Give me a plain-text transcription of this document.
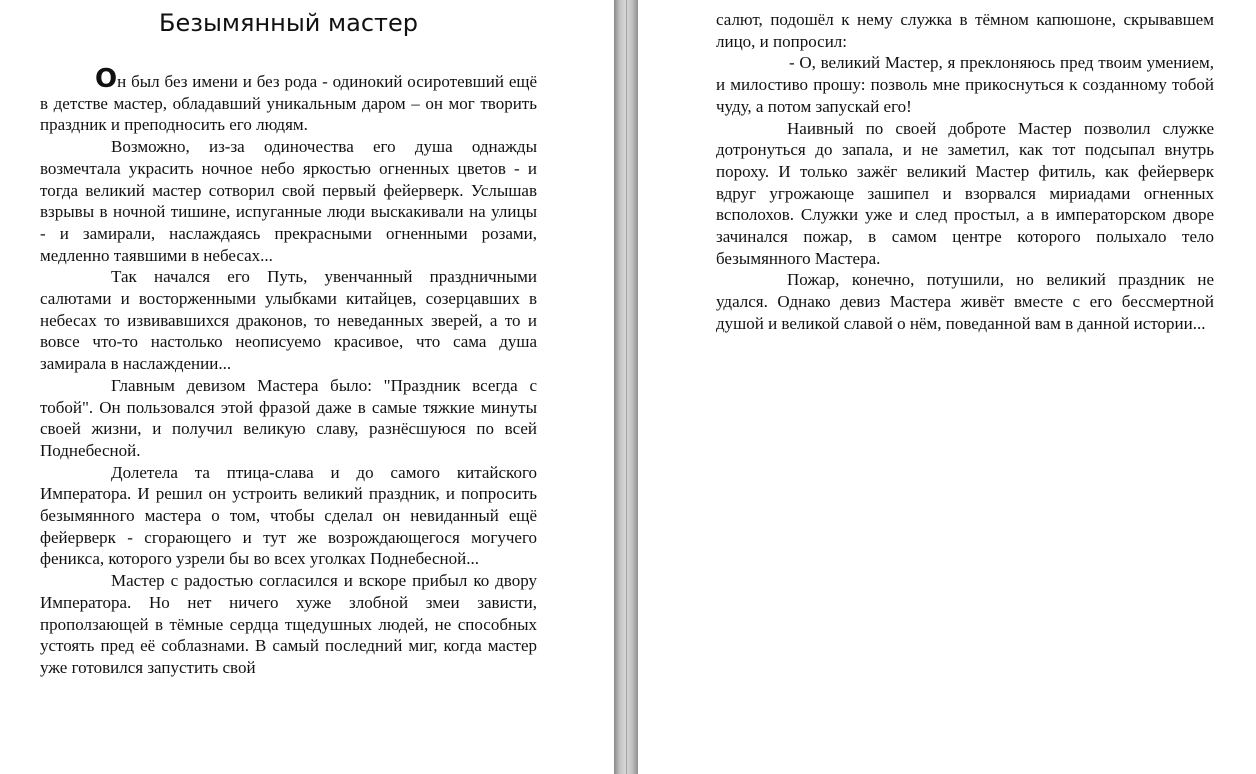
Безымянный мастер

Он был без имени и без рода - одинокий осиротевший ещё в детстве мастер, обладавший уникальным даром – он мог творить праздник и преподносить его людям.

Возможно, из-за одиночества его душа однажды возмечтала украсить ночное небо яркостью огненных цветов - и тогда великий мастер сотворил свой первый фейерверк. Услышав взрывы в ночной тишине, испуганные люди выскакивали на улицы - и замирали, наслаждаясь прекрасными огненными розами, медленно таявшими в небесах...

Так начался его Путь, увенчанный праздничными салютами и восторженными улыбками китайцев, созерцавших в небесах то извивавшихся драконов, то неведанных зверей, а то и вовсе что-то настолько неописуемо красивое, что сама душа замирала в наслаждении...

Главным девизом Мастера было: "Праздник всегда с тобой". Он пользовался этой фразой даже в самые тяжкие минуты своей жизни, и получил великую славу, разнёсшуюся по всей Поднебесной.

Долетела та птица-слава и до самого китайского Императора. И решил он устроить великий праздник, и попросить безымянного мастера о том, чтобы сделал он невиданный ещё фейерверк - сгорающего и тут же возрождающегося могучего феникса, которого узрели бы во всех уголках Поднебесной...

Мастер с радостью согласился и вскоре прибыл ко двору Императора. Но нет ничего хуже злобной змеи зависти, проползающей в тёмные сердца тщедушных людей, не способных устоять пред её соблазнами. В самый последний миг, когда мастер уже готовился запустить свой

салют, подошёл к нему служка в тёмном капюшоне, скрывавшем лицо, и попросил:

- О, великий Мастер, я преклоняюсь пред твоим умением, и милостиво прошу: позволь мне прикоснуться к созданному тобой чуду, а потом запускай его!

Наивный по своей доброте Мастер позволил служке дотронуться до запала, и не заметил, как тот подсыпал внутрь пороху. И только зажёг великий Мастер фитиль, как фейерверк вдруг угрожающе зашипел и взорвался мириадами огненных всполохов. Служки уже и след простыл, а в императорском дворе зачинался пожар, в самом центре которого полыхало тело безымянного Мастера.

Пожар, конечно, потушили, но великий праздник не удался. Однако девиз Мастера живёт вместе с его бессмертной душой и великой славой о нём, поведанной вам в данной истории...
